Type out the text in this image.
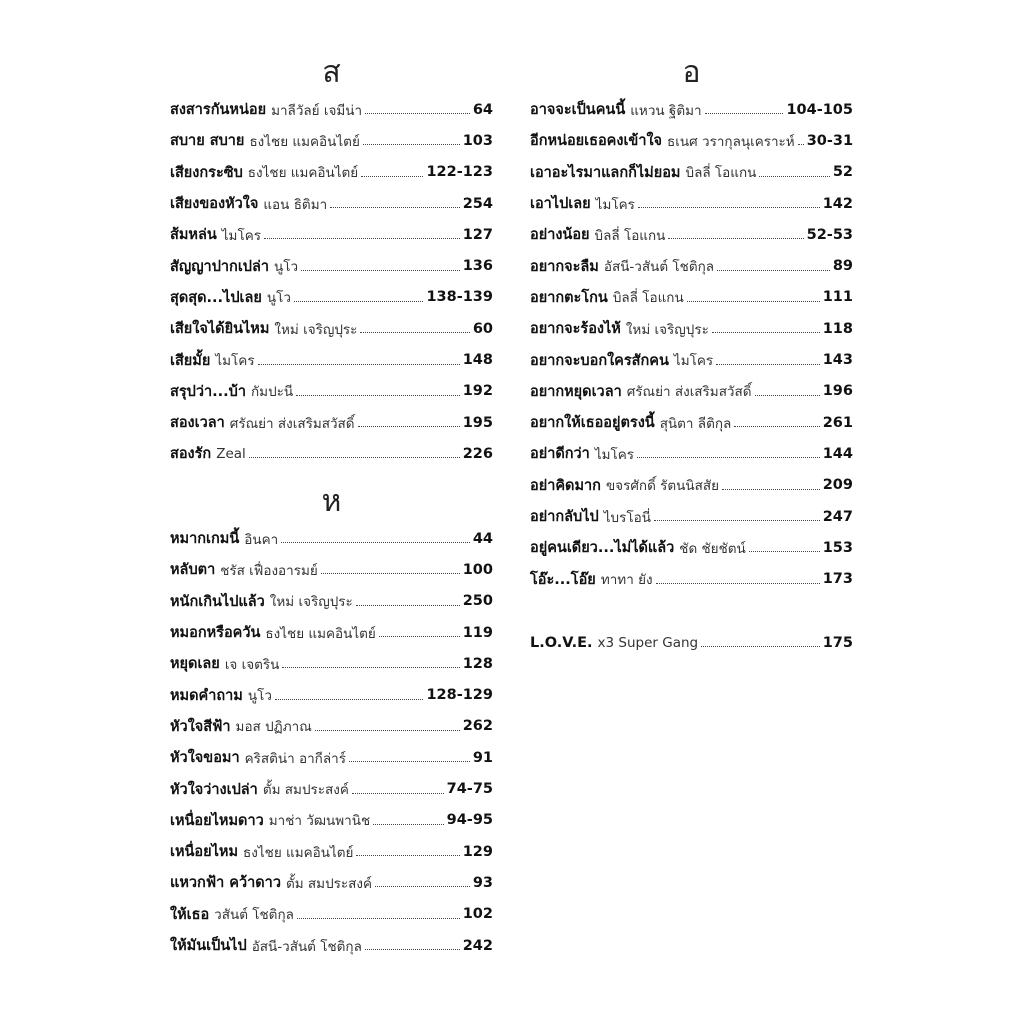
ส
สงสารกันหน่อย มาลีวัลย์ เจมีน่า	64
สบาย สบาย ธงไชย แมคอินไตย์	103
เสียงกระซิบ ธงไชย แมคอินไตย์	122-123
เสียงของหัวใจ แอน ธิติมา	254
ส้มหล่น ไมโคร	127
สัญญาปากเปล่า นูโว	136
สุดสุด...ไปเลย นูโว	138-139
เสียใจได้ยินไหม ใหม่ เจริญปุระ	60
เสียมั้ย ไมโคร	148
สรุปว่า...บ้า กัมปะนี	192
สองเวลา ศรัณย่า ส่งเสริมสวัสดิ์	195
สองรัก Zeal	226
ห
หมากเกมนี้ อินคา	44
หลับตา ชรัส เฟื่องอารมย์	100
หนักเกินไปแล้ว ใหม่ เจริญปุระ	250
หมอกหรือควัน ธงไชย แมคอินไตย์	119
หยุดเลย เจ เจตริน	128
หมดคำถาม นูโว	128-129
หัวใจสีฟ้า มอส ปฏิภาณ	262
หัวใจขอมา คริสติน่า อากีล่าร์	91
หัวใจว่างเปล่า ตั้ม สมประสงค์	74-75
เหนื่อยไหมดาว มาช่า วัฒนพานิช	94-95
เหนื่อยไหม ธงไชย แมคอินไตย์	129
แหวกฟ้า คว้าดาว ตั้ม สมประสงค์	93
ให้เธอ วสันต์ โชติกุล	102
ให้มันเป็นไป อัสนี-วสันต์ โชติกุล	242
อ
อาจจะเป็นคนนี้ แหวน ฐิติมา	104-105
อีกหน่อยเธอคงเข้าใจ ธเนศ วรากุลนุเคราะห์ 30-31
เอาอะไรมาแลกก็ไม่ยอม บิลลี่ โอแกน	52
เอาไปเลย ไมโคร	142
อย่างน้อย บิลลี่ โอแกน	52-53
อยากจะลืม อัสนี-วสันต์ โชติกุล	89
อยากตะโกน บิลลี่ โอแกน	111
อยากจะร้องไห้ ใหม่ เจริญปุระ	118
อยากจะบอกใครสักคน ไมโคร	143
อยากหยุดเวลา ศรัณย่า ส่งเสริมสวัสดิ์	196
อยากให้เธออยู่ตรงนี้ สุนิตา ลีติกุล	261
อย่าดีกว่า ไมโคร	144
อย่าคิดมาก ขจรศักดิ์ รัตนนิสสัย	209
อย่ากลับไป ไบรโอนี่	247
อยู่คนเดียว...ไม่ได้แล้ว ชัด ชัยชัตน์	153
โอ๊ะ...โอ๊ย ทาทา ยัง	173
L.O.V.E. x3 Super Gang	175
